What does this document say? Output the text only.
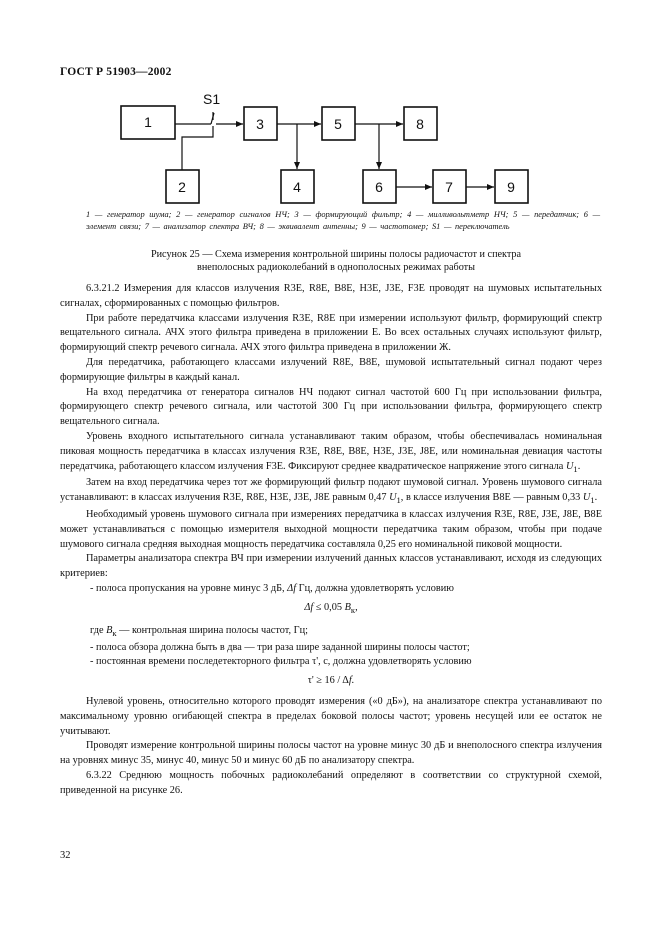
ГОСТ Р 51903—2002
1
2
3
4
5
6	7
8
9
S1
1 — генератор шума; 2 — генератор сигналов НЧ; 3 — формирующий фильтр; 4 — милливольтметр НЧ; 5 — передатчик; 6 — элемент связи; 7 — анализатор спектра ВЧ; 8 — эквивалент антенны; 9 — частотомер; S1 — переключатель
Рисунок 25 — Схема измерения контрольной ширины полосы радиочастот и спектра
внеполосных радиоколебаний в однополосных режимах работы

6.3.21.2 Измерения для классов излучения R3E, R8E, B8E, H3E, J3E, F3E проводят на шумовых испытательных сигналах, сформированных с помощью фильтров.

При работе передатчика классами излучения R3E, R8E при измерении используют фильтр, формирующий спектр вещательного сигнала. АЧХ этого фильтра приведена в приложении Е. Во всех остальных случаях используют фильтр, формирующий спектр речевого сигнала. АЧХ этого фильтра приведена в приложении Ж.

Для передатчика, работающего классами излучений R8E, B8E, шумовой испытательный сигнал подают через формирующие фильтры в каждый канал.

На вход передатчика от генератора сигналов НЧ подают сигнал частотой 600 Гц при использовании фильтра, формирующего спектр речевого сигнала, или частотой 300 Гц при использовании фильтра, формирующего спектр вещательного сигнала.

Уровень входного испытательного сигнала устанавливают таким образом, чтобы обеспечивалась номинальная пиковая мощность передатчика в классах излучения R3E, R8E, B8E, H3E, J3E, J8E, или номинальная девиация частоты передатчика, работающего классом излучения F3E. Фиксируют среднее квадратическое напряжение этого сигнала $U_1$.

Затем на вход передатчика через тот же формирующий фильтр подают шумовой сигнал. Уровень шумового сигнала устанавливают: в классах излучения R3E, R8E, H3E, J3E, J8E равным 0,47 $U_1$, в классе излучения B8E — равным 0,33 $U_1$.

Необходимый уровень шумового сигнала при измерениях передатчика в классах излучения R3E, R8E, J3E, J8E, B8E может устанавливаться с помощью измерителя выходной мощности передатчика таким образом, чтобы при подаче шумового сигнала средняя выходная мощность передатчика составляла 0,25 его номинальной пиковой мощности.

Параметры анализатора спектра ВЧ при измерении излучений данных классов устанавливают, исходя из следующих критериев:

- полоса пропускания на уровне минус 3 дБ, Δf Гц, должна удовлетворять условию

Δf ≤ 0,05 $B_к$,

где $B_к$ — контрольная ширина полосы частот, Гц;

- полоса обзора должна быть в два — три раза шире заданной ширины полосы частот;

- постоянная времени последетекторного фильтра τ', с, должна удовлетворять условию

τ' ≥ 16 / Δf.

Нулевой уровень, относительно которого проводят измерения («0 дБ»), на анализаторе спектра устанавливают по максимальному уровню огибающей спектра в пределах боковой полосы частот; уровень несущей или ее остаток не учитывают.

Проводят измерение контрольной ширины полосы частот на уровне минус 30 дБ и внеполосного спектра излучения на уровнях минус 35, минус 40, минус 50 и минус 60 дБ по анализатору спектра.

6.3.22 Среднюю мощность побочных радиоколебаний определяют в соответствии со структурной схемой, приведенной на рисунке 26.

32
